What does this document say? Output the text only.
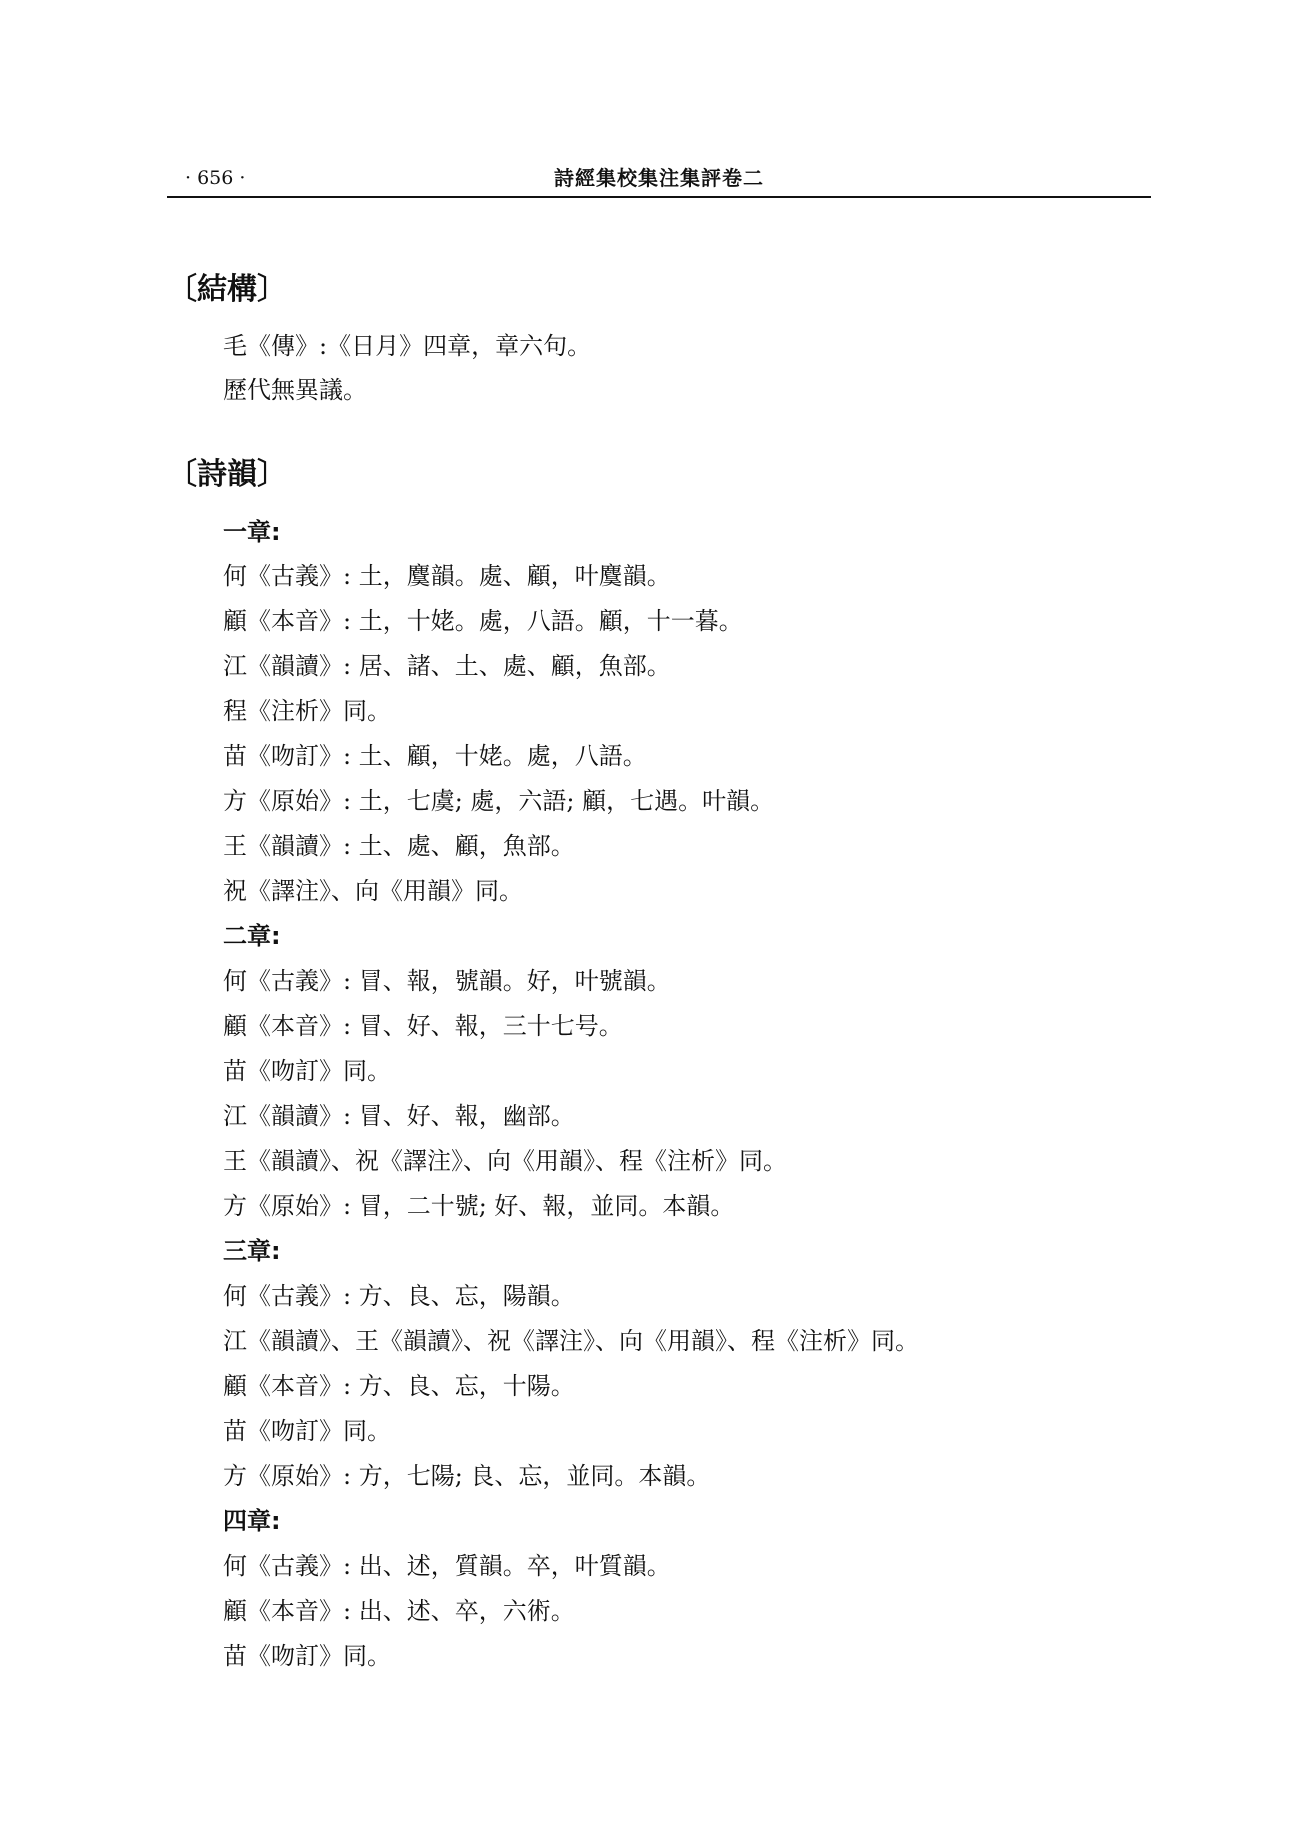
· 656 ·	詩經集校集注集評卷二
〔結構〕
毛《傳》:《日月》四章，章六句。
歷代無異議。
〔詩韻〕
一章:
何《古義》: 土，麌韻。處、顧，叶麌韻。
顧《本音》: 土，十姥。處，八語。顧，十一暮。
江《韻讀》: 居、諸、土、處、顧，魚部。
程《注析》同。
苗《吻訂》: 土、顧，十姥。處，八語。
方《原始》: 土，七虞; 處，六語; 顧，七遇。叶韻。
王《韻讀》: 土、處、顧，魚部。
祝《譯注》、向《用韻》同。
二章:
何《古義》: 冒、報，號韻。好，叶號韻。
顧《本音》: 冒、好、報，三十七号。
苗《吻訂》同。
江《韻讀》: 冒、好、報，幽部。
王《韻讀》、祝《譯注》、向《用韻》、程《注析》同。
方《原始》: 冒，二十號; 好、報，並同。本韻。
三章:
何《古義》: 方、良、忘，陽韻。
江《韻讀》、王《韻讀》、祝《譯注》、向《用韻》、程《注析》同。
顧《本音》: 方、良、忘，十陽。
苗《吻訂》同。
方《原始》: 方，七陽; 良、忘，並同。本韻。
四章:
何《古義》: 出、述，質韻。卒，叶質韻。
顧《本音》: 出、述、卒，六術。
苗《吻訂》同。
